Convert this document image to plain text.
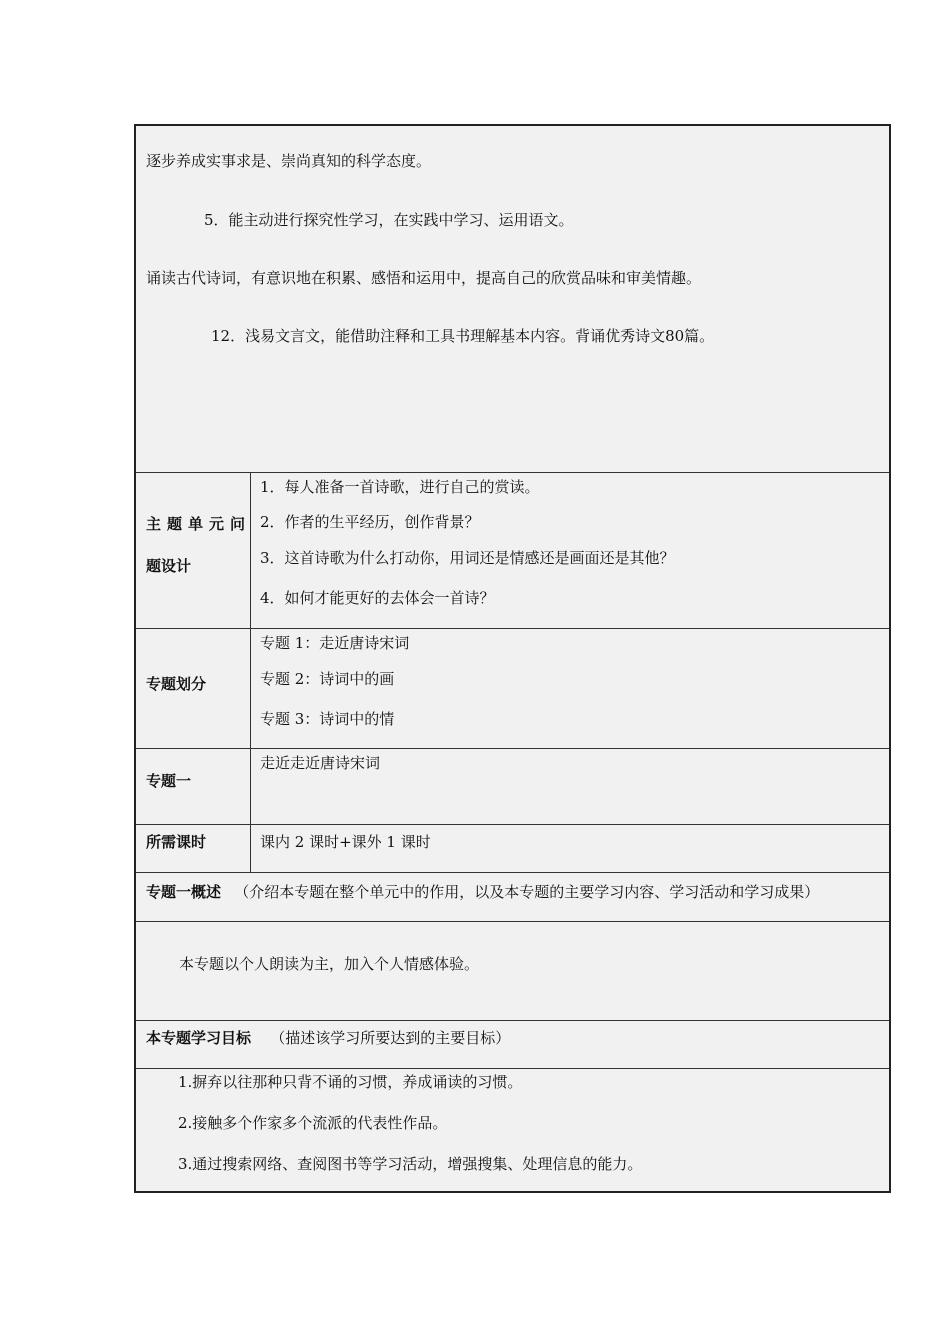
逐步养成实事求是、崇尚真知的科学态度。
5．能主动进行探究性学习，在实践中学习、运用语文。
诵读古代诗词，有意识地在积累、感悟和运用中，提高自己的欣赏品味和审美情趣。
12．浅易文言文，能借助注释和工具书理解基本内容。背诵优秀诗文80篇。
主题单元问
题设计
1．每人准备一首诗歌，进行自己的赏读。
2．作者的生平经历，创作背景？
3．这首诗歌为什么打动你，用词还是情感还是画面还是其他？
4．如何才能更好的去体会一首诗？
专题划分
专题 1：走近唐诗宋词
专题 2：诗词中的画
专题 3：诗词中的情
专题一
走近走近唐诗宋词
所需课时	课内 2 课时+课外 1 课时
专题一概述 （介绍本专题在整个单元中的作用，以及本专题的主要学习内容、学习活动和学习成果）
本专题以个人朗读为主，加入个人情感体验。
本专题学习目标 （描述该学习所要达到的主要目标）
1.摒弃以往那种只背不诵的习惯，养成诵读的习惯。
2.接触多个作家多个流派的代表性作品。
3.通过搜索网络、查阅图书等学习活动，增强搜集、处理信息的能力。
